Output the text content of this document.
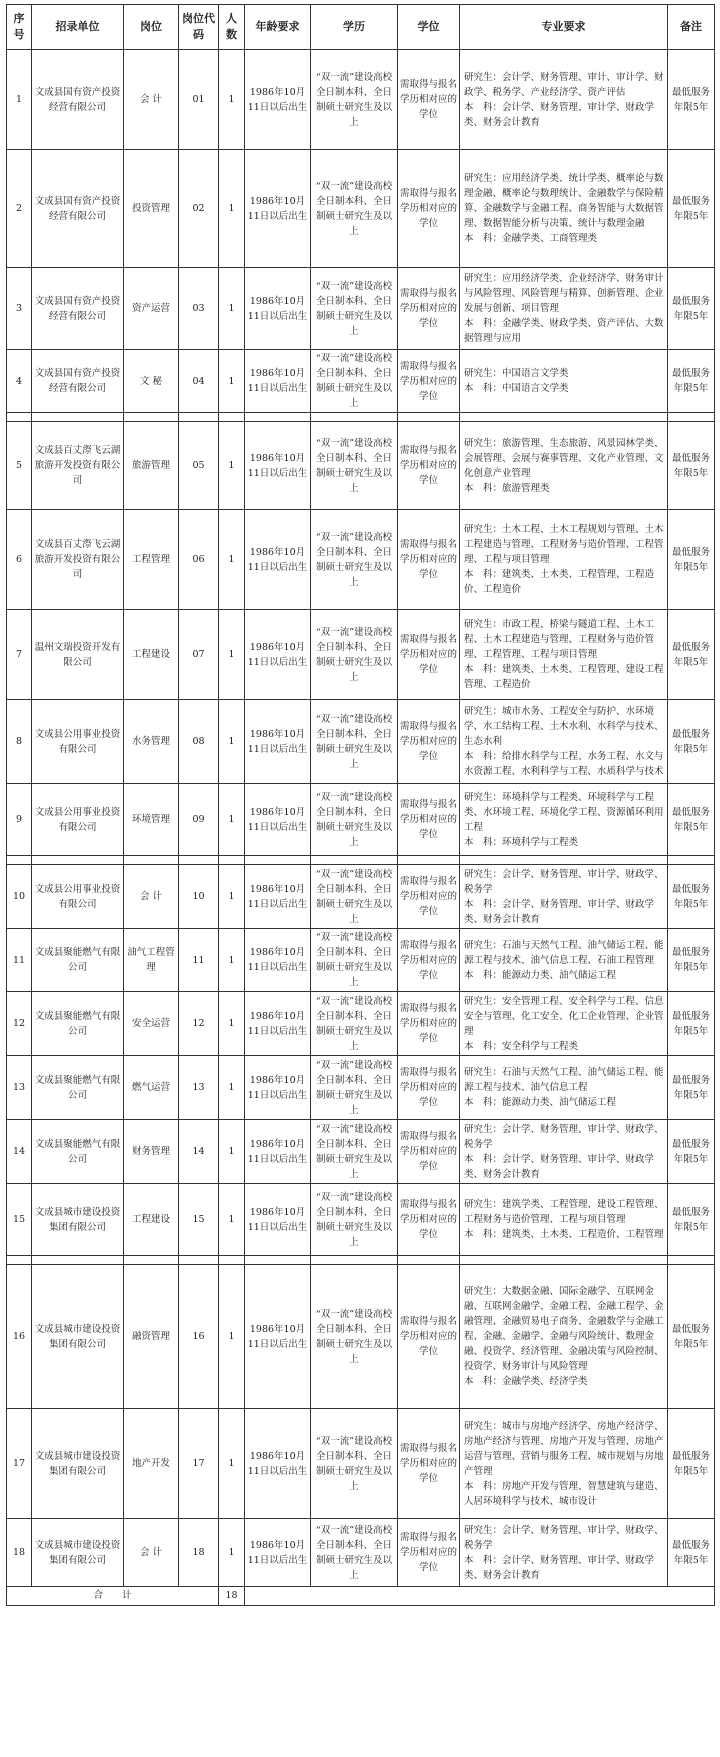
序号	招录单位	岗位	岗位代码	人数	年龄要求	学历	学位	专业要求	备注
1	文成县国有资产投资经营有限公司	会 计	01	1	1986年10月11日以后出生	“双一流”建设高校全日制本科、全日制硕士研究生及以上	需取得与报名学历相对应的学位	研究生：会计学、财务管理、审计、审计学、财政学、税务学、产业经济学、资产评估
本　科：会计学、财务管理、审计学、财政学类、财务会计教育	最低服务年限5年
2	文成县国有资产投资经营有限公司	投资管理	02	1	1986年10月11日以后出生	“双一流”建设高校全日制本科、全日制硕士研究生及以上	需取得与报名学历相对应的学位	研究生：应用经济学类、统计学类、概率论与数理金融、概率论与数理统计、金融数学与保险精算、金融数学与金融工程、商务智能与大数据管理、数据智能分析与决策、统计与数理金融
本　科：金融学类、工商管理类	最低服务年限5年
3	文成县国有资产投资经营有限公司	资产运营	03	1	1986年10月11日以后出生	“双一流”建设高校全日制本科、全日制硕士研究生及以上	需取得与报名学历相对应的学位	研究生：应用经济学类、企业经济学、财务审计与风险管理、风险管理与精算、创新管理、企业发展与创新、项目管理
本　科：金融学类、财政学类、资产评估、大数据管理与应用	最低服务年限5年
4	文成县国有资产投资经营有限公司	文 秘	04	1	1986年10月11日以后出生	“双一流”建设高校全日制本科、全日制硕士研究生及以上	需取得与报名学历相对应的学位	研究生：中国语言文学类
本　科：中国语言文学类	最低服务年限5年

5	文成县百丈漈飞云湖旅游开发投资有限公司	旅游管理	05	1	1986年10月11日以后出生	“双一流”建设高校全日制本科、全日制硕士研究生及以上	需取得与报名学历相对应的学位	研究生：旅游管理、生态旅游、风景园林学类、会展管理、会展与赛事管理、文化产业管理、文化创意产业管理
本　科：旅游管理类	最低服务年限5年
6	文成县百丈漈飞云湖旅游开发投资有限公司	工程管理	06	1	1986年10月11日以后出生	“双一流”建设高校全日制本科、全日制硕士研究生及以上	需取得与报名学历相对应的学位	研究生：土木工程、土木工程规划与管理、土木工程建造与管理、工程财务与造价管理、工程管理、工程与项目管理
本　科：建筑类、土木类、工程管理、工程造价、工程造价	最低服务年限5年
7	温州文瑞投资开发有限公司	工程建设	07	1	1986年10月11日以后出生	“双一流”建设高校全日制本科、全日制硕士研究生及以上	需取得与报名学历相对应的学位	研究生：市政工程、桥梁与隧道工程、土木工程、土木工程建造与管理、工程财务与造价管理、工程管理、工程与项目管理
本　科：建筑类、土木类、工程管理、建设工程管理、工程造价	最低服务年限5年
8	文成县公用事业投资有限公司	水务管理	08	1	1986年10月11日以后出生	“双一流”建设高校全日制本科、全日制硕士研究生及以上	需取得与报名学历相对应的学位	研究生：城市水务、工程安全与防护、水环境学、水工结构工程、土木水利、水科学与技术、生态水利
本　科：给排水科学与工程、水务工程、水文与水资源工程、水利科学与工程、水质科学与技术	最低服务年限5年
9	文成县公用事业投资有限公司	环境管理	09	1	1986年10月11日以后出生	“双一流”建设高校全日制本科、全日制硕士研究生及以上	需取得与报名学历相对应的学位	研究生：环境科学与工程类、环境科学与工程类、水环境工程、环境化学工程、资源循环利用工程
本　科：环境科学与工程类	最低服务年限5年

10	文成县公用事业投资有限公司	会 计	10	1	1986年10月11日以后出生	“双一流”建设高校全日制本科、全日制硕士研究生及以上	需取得与报名学历相对应的学位	研究生：会计学、财务管理、审计学、财政学、税务学
本　科：会计学、财务管理、审计学、财政学类、财务会计教育	最低服务年限5年
11	文成县聚能燃气有限公司	油气工程管理	11	1	1986年10月11日以后出生	“双一流”建设高校全日制本科、全日制硕士研究生及以上	需取得与报名学历相对应的学位	研究生：石油与天然气工程、油气储运工程、能源工程与技术、油气信息工程、石油工程管理
本　科：能源动力类、油气储运工程	最低服务年限5年
12	文成县聚能燃气有限公司	安全运营	12	1	1986年10月11日以后出生	“双一流”建设高校全日制本科、全日制硕士研究生及以上	需取得与报名学历相对应的学位	研究生：安全管理工程、安全科学与工程、信息安全与管理、化工安全、化工企业管理、企业管理
本　科：安全科学与工程类	最低服务年限5年
13	文成县聚能燃气有限公司	燃气运营	13	1	1986年10月11日以后出生	“双一流”建设高校全日制本科、全日制硕士研究生及以上	需取得与报名学历相对应的学位	研究生：石油与天然气工程、油气储运工程、能源工程与技术、油气信息工程
本　科：能源动力类、油气储运工程	最低服务年限5年
14	文成县聚能燃气有限公司	财务管理	14	1	1986年10月11日以后出生	“双一流”建设高校全日制本科、全日制硕士研究生及以上	需取得与报名学历相对应的学位	研究生：会计学、财务管理、审计学、财政学、税务学
本　科：会计学、财务管理、审计学、财政学类、财务会计教育	最低服务年限5年
15	文成县城市建设投资集团有限公司	工程建设	15	1	1986年10月11日以后出生	“双一流”建设高校全日制本科、全日制硕士研究生及以上	需取得与报名学历相对应的学位	研究生：建筑学类、工程管理、建设工程管理、工程财务与造价管理、工程与项目管理
本　科：建筑类、土木类、工程造价、工程管理	最低服务年限5年

16	文成县城市建设投资集团有限公司	融资管理	16	1	1986年10月11日以后出生	“双一流”建设高校全日制本科、全日制硕士研究生及以上	需取得与报名学历相对应的学位	研究生：大数据金融、国际金融学、互联网金融、互联网金融学、金融工程、金融工程学、金融管理、金融贸易电子商务、金融数学与金融工程、金融、金融学、金融与风险统计、数理金融、投资学、经济管理、金融决策与风险控制、投资学、财务审计与风险管理
本　科：金融学类、经济学类	最低服务年限5年
17	文成县城市建设投资集团有限公司	地产开发	17	1	1986年10月11日以后出生	“双一流”建设高校全日制本科、全日制硕士研究生及以上	需取得与报名学历相对应的学位	研究生：城市与房地产经济学、房地产经济学、房地产经济与管理、房地产开发与管理、房地产运营与管理、营销与服务工程、城市规划与房地产管理
本　科：房地产开发与管理、智慧建筑与建造、人居环境科学与技术、城市设计	最低服务年限5年
18	文成县城市建设投资集团有限公司	会 计	18	1	1986年10月11日以后出生	“双一流”建设高校全日制本科、全日制硕士研究生及以上	需取得与报名学历相对应的学位	研究生：会计学、财务管理、审计学、财政学、税务学
本　科：会计学、财务管理、审计学、财政学类、财务会计教育	最低服务年限5年
合　　计				18					
